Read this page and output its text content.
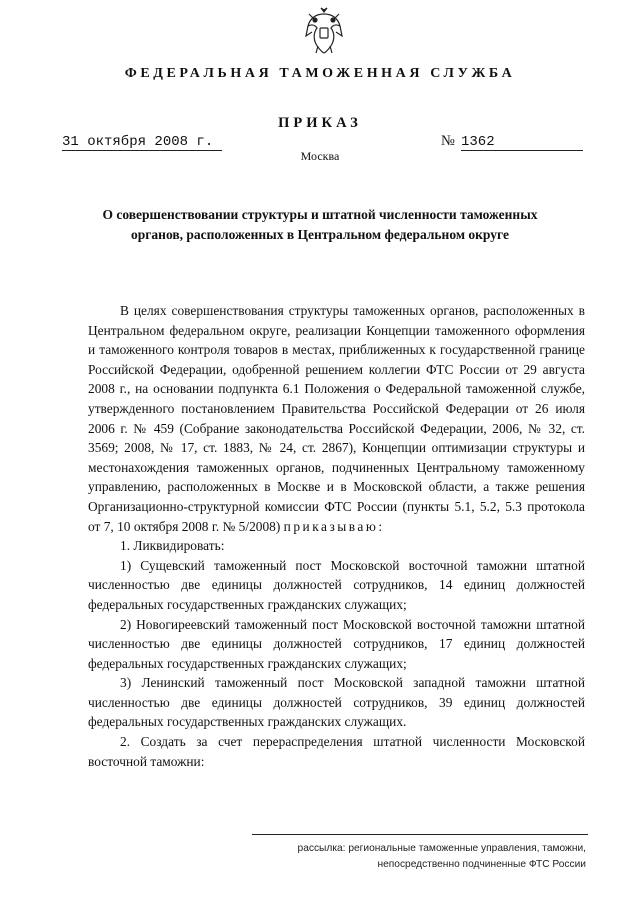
ФЕДЕРАЛЬНАЯ ТАМОЖЕННАЯ СЛУЖБА
ПРИКАЗ
31 октября 2008 г.	№ 1362
Москва
О совершенствовании структуры и штатной численности таможенных
органов, расположенных в Центральном федеральном округе

В целях совершенствования структуры таможенных органов, расположенных в Центральном федеральном округе, реализации Концепции таможенного оформления и таможенного контроля товаров в местах, приближенных к государственной границе Российской Федерации, одобренной решением коллегии ФТС России от 29 августа 2008 г., на основании подпункта 6.1 Положения о Федеральной таможенной службе, утвержденного постановлением Правительства Российской Федерации от 26 июля 2006 г. № 459 (Собрание законодательства Российской Федерации, 2006, № 32, ст. 3569; 2008, № 17, ст. 1883, № 24, ст. 2867), Концепции оптимизации структуры и местонахождения таможенных органов, подчиненных Центральному таможенному управлению, расположенных в Москве и в Московской области, а также решения Организационно-структурной комиссии ФТС России (пункты 5.1, 5.2, 5.3 протокола от 7, 10 октября 2008 г. № 5/2008) приказываю:

1. Ликвидировать:

1) Сущевский таможенный пост Московской восточной таможни штатной численностью две единицы должностей сотрудников, 14 единиц должностей федеральных государственных гражданских служащих;

2) Новогиреевский таможенный пост Московской восточной таможни штатной численностью две единицы должностей сотрудников, 17 единиц должностей федеральных государственных гражданских служащих;

3) Ленинский таможенный пост Московской западной таможни штатной численностью две единицы должностей сотрудников, 39 единиц должностей федеральных государственных гражданских служащих.

2. Создать за счет перераспределения штатной численности Московской восточной таможни:

рассылка: региональные таможенные управления, таможни,
непосредственно подчиненные ФТС России
